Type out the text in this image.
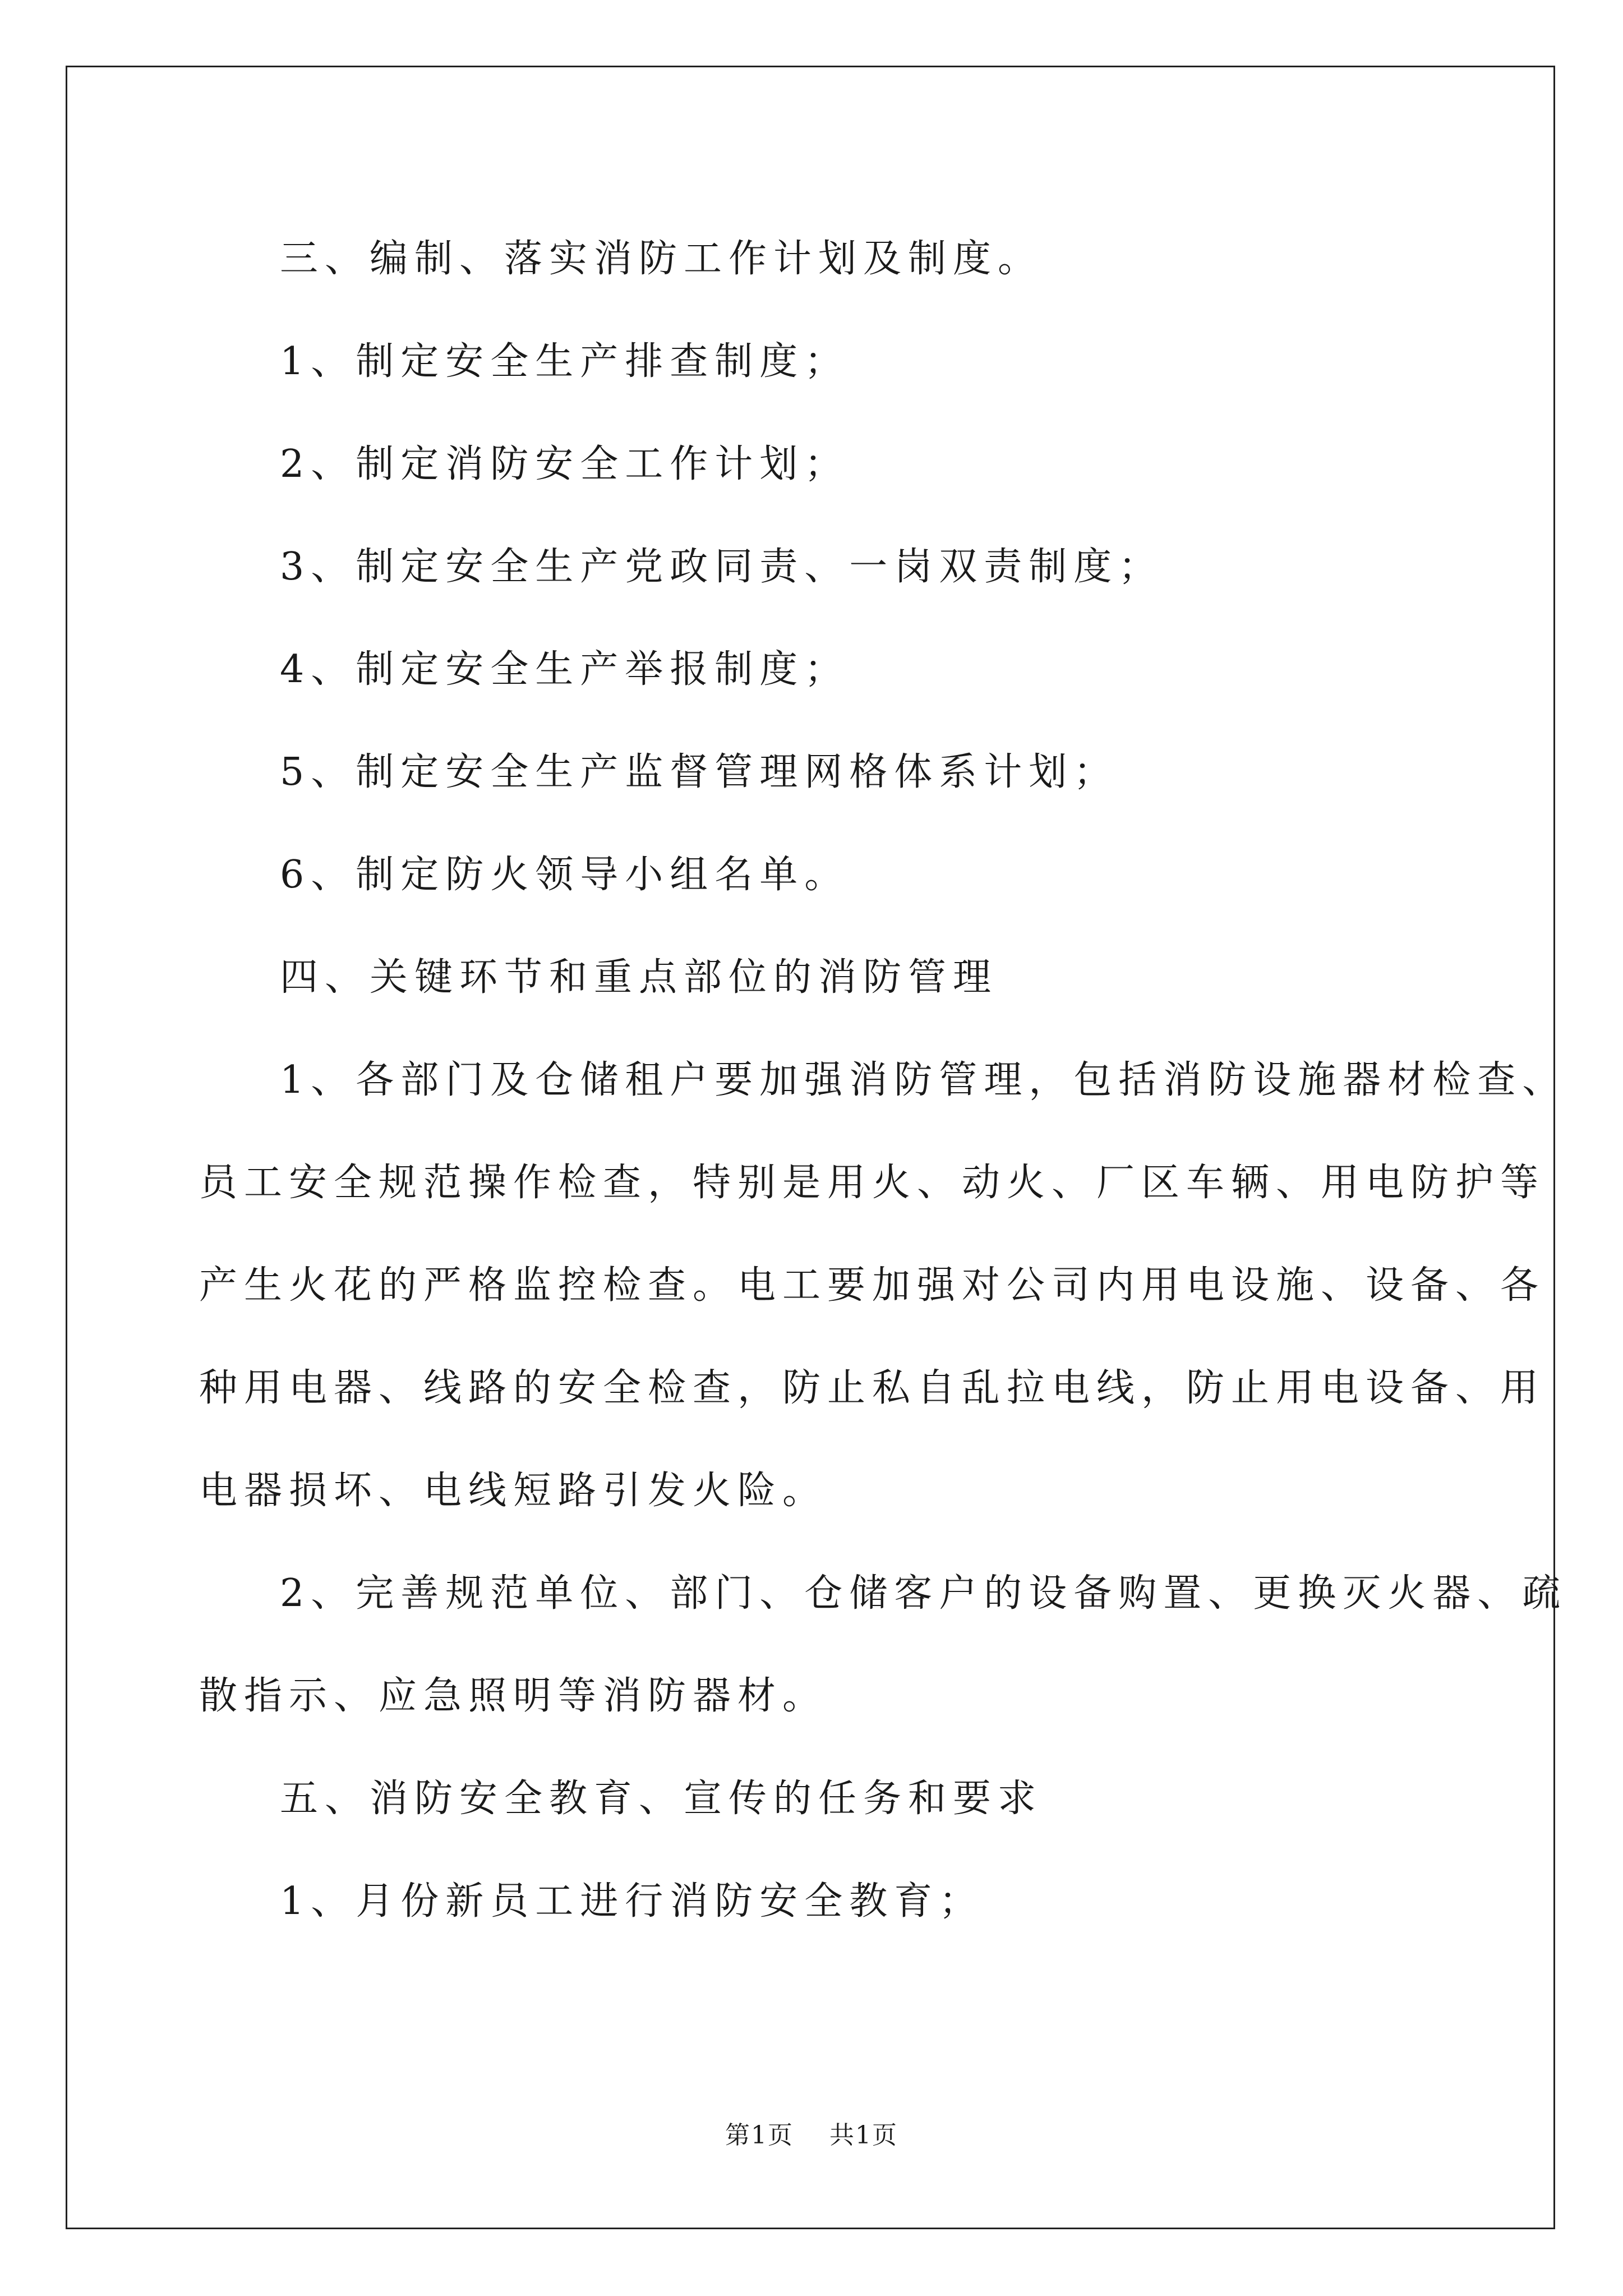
三、编制、落实消防工作计划及制度。

1、制定安全生产排查制度；

2、制定消防安全工作计划；

3、制定安全生产党政同责、一岗双责制度；

4、制定安全生产举报制度；

5、制定安全生产监督管理网格体系计划；

6、制定防火领导小组名单。

四、关键环节和重点部位的消防管理

1、各部门及仓储租户要加强消防管理，包括消防设施器材检查、

员工安全规范操作检查，特别是用火、动火、厂区车辆、用电防护等

产生火花的严格监控检查。电工要加强对公司内用电设施、设备、各

种用电器、线路的安全检查，防止私自乱拉电线，防止用电设备、用

电器损坏、电线短路引发火险。

2、完善规范单位、部门、仓储客户的设备购置、更换灭火器、疏

散指示、应急照明等消防器材。

五、消防安全教育、宣传的任务和要求

1、月份新员工进行消防安全教育；

第1页    共1页
